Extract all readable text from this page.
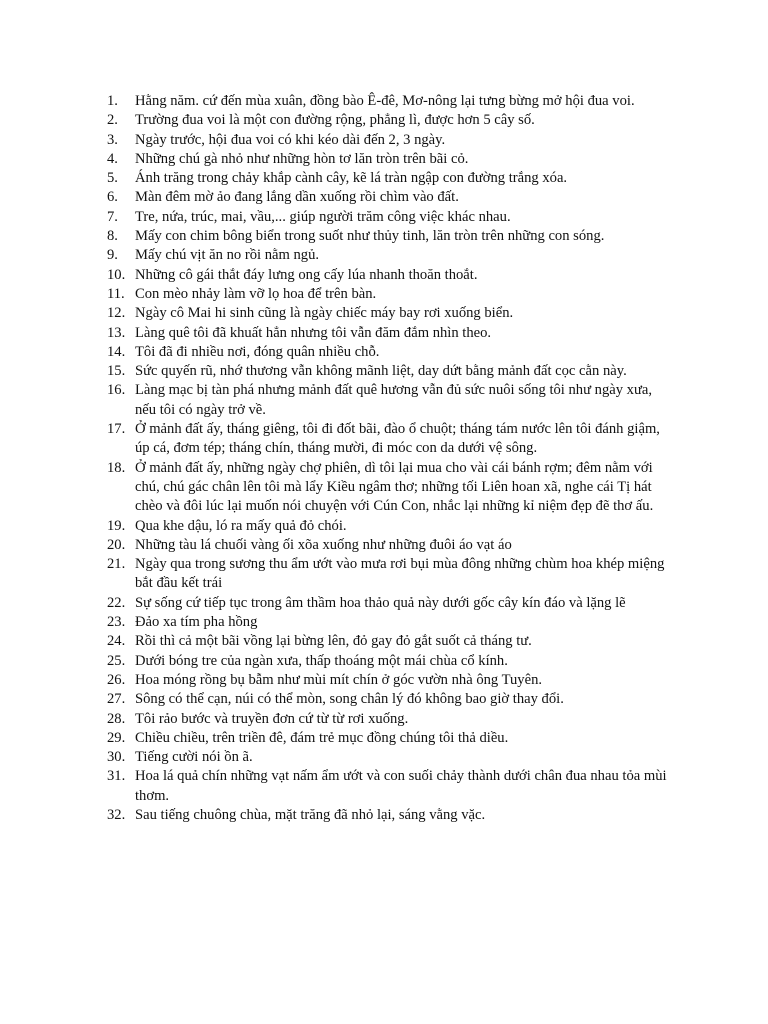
1.	Hằng năm. cứ đến mùa xuân, đồng bào Ê-đê, Mơ-nông lại tưng bừng mở hội đua voi.
2.	Trường đua voi là một con đường rộng, phẳng lì, được hơn 5 cây số.
3.	Ngày trước, hội đua voi có khi kéo dài đến 2, 3 ngày.
4.	Những chú gà nhỏ như những hòn tơ lăn tròn trên bãi cỏ.
5.	Ánh trăng trong chảy khắp cành cây, kẽ lá tràn ngập con đường trắng xóa.
6.	Màn đêm mờ ảo đang lắng dần xuống rồi chìm vào đất.
7.	Tre, nứa, trúc, mai, vầu,... giúp người trăm công việc khác nhau.
8.	Mấy con chim bông biển trong suốt như thủy tinh, lăn tròn trên những con sóng.
9.	Mấy chú vịt ăn no rồi nằm ngủ.
10. Những cô gái thắt đáy lưng ong cấy lúa nhanh thoăn thoắt.
11. Con mèo nhảy làm vỡ lọ hoa để trên bàn.
12. Ngày cô Mai hi sinh cũng là ngày chiếc máy bay rơi xuống biển.
13. Làng quê tôi đã khuất hẳn nhưng tôi vẫn đăm đắm nhìn theo.
14. Tôi đã đi nhiều nơi, đóng quân nhiều chỗ.
15. Sức quyến rũ, nhớ thương vẫn không mãnh liệt, day dứt bằng mảnh đất cọc cằn này.
16. Làng mạc bị tàn phá nhưng mảnh đất quê hương vẫn đủ sức nuôi sống tôi như ngày xưa, nếu tôi có ngày trở về.
17. Ở mảnh đất ấy, tháng giêng, tôi đi đốt bãi, đào ổ chuột; tháng tám nước lên tôi đánh giậm, úp cá, đơm tép; tháng chín, tháng mười, đi móc con da dưới vệ sông.
18. Ở mảnh đất ấy, những ngày chợ phiên, dì tôi lại mua cho vài cái bánh rợm; đêm nằm với chú, chú gác chân lên tôi mà lẩy Kiều ngâm thơ; những tối Liên hoan xã, nghe cái Tị hát chèo và đôi lúc lại muốn nói chuyện với Cún Con, nhắc lại những kỉ niệm đẹp đẽ thơ ấu.
19. Qua khe dậu, ló ra mấy quả đỏ chói.
20. Những tàu lá chuối vàng ối xõa xuống như những đuôi áo vạt áo
21. Ngày qua trong sương thu ẩm ướt vào mưa rơi bụi mùa đông những chùm hoa khép miệng bắt đầu kết trái
22. Sự sống cứ tiếp tục trong âm thầm hoa thảo quả này dưới gốc cây kín đáo và lặng lẽ
23. Đảo xa tím pha hồng
24. Rồi thì cả một bãi vồng lại bừng lên, đỏ gay đỏ gắt suốt cả tháng tư.
25. Dưới bóng tre của ngàn xưa, thấp thoáng một mái chùa cổ kính.
26. Hoa móng rồng bụ bẫm như mùi mít chín ở góc vườn nhà ông Tuyên.
27. Sông có thể cạn, núi có thể mòn, song chân lý đó không bao giờ thay đổi.
28. Tôi rảo bước và truyền đơn cứ từ từ rơi xuống.
29. Chiều chiều, trên triền đê, đám trẻ mục đồng chúng tôi thả diều.
30. Tiếng cười nói ồn ã.
31. Hoa lá quả chín những vạt nấm ẩm ướt và con suối chảy thành dưới chân đua nhau tỏa mùi thơm.
32. Sau tiếng chuông chùa, mặt trăng đã nhỏ lại, sáng vằng vặc.
